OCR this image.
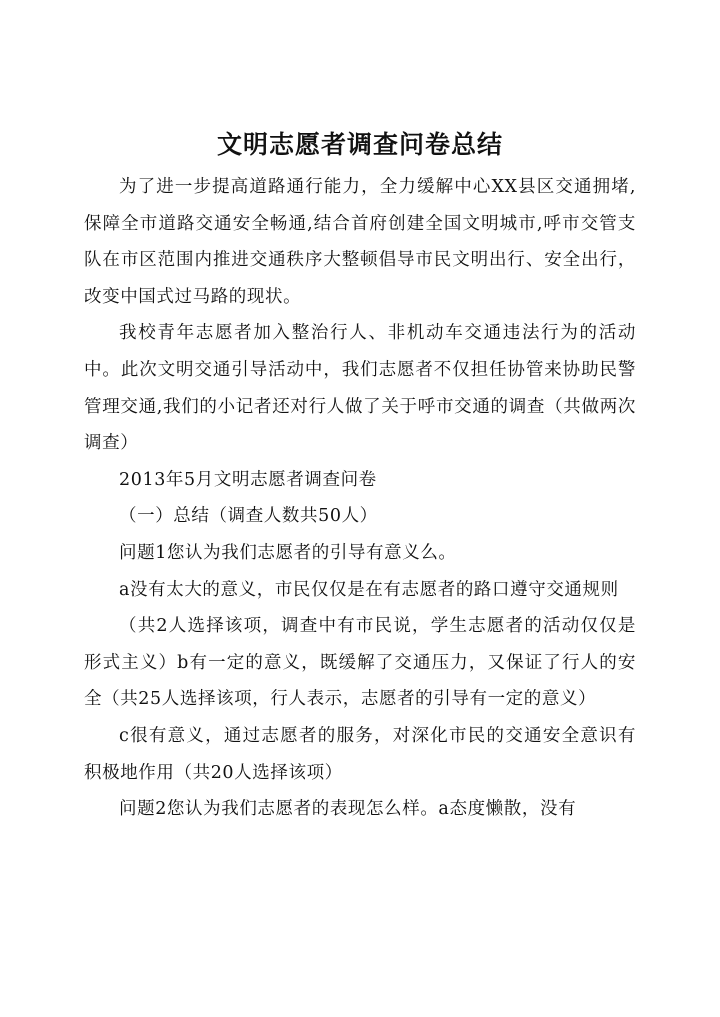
文明志愿者调查问卷总结

为了进一步提高道路通行能力，全力缓解中心XX县区交通拥堵,保障全市道路交通安全畅通,结合首府创建全国文明城市,呼市交管支队在市区范围内推进交通秩序大整顿倡导市民文明出行、安全出行，改变中国式过马路的现状。

我校青年志愿者加入整治行人、非机动车交通违法行为的活动中。此次文明交通引导活动中，我们志愿者不仅担任协管来协助民警管理交通,我们的小记者还对行人做了关于呼市交通的调查（共做两次调查）

2013年5月文明志愿者调查问卷

（一）总结（调查人数共50人）

问题1您认为我们志愿者的引导有意义么。

a没有太大的意义，市民仅仅是在有志愿者的路口遵守交通规则

（共2人选择该项，调查中有市民说，学生志愿者的活动仅仅是形式主义）b有一定的意义，既缓解了交通压力，又保证了行人的安全（共25人选择该项，行人表示，志愿者的引导有一定的意义）

c很有意义，通过志愿者的服务，对深化市民的交通安全意识有积极地作用（共20人选择该项）

问题2您认为我们志愿者的表现怎么样。a态度懒散，没有
